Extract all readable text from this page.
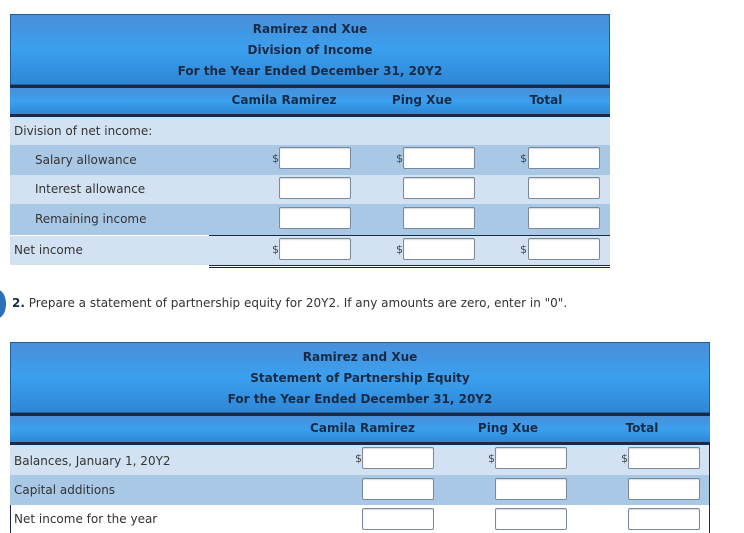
Ramirez and Xue
Division of Income
For the Year Ended December 31, 20Y2
Camila Ramirez	Ping Xue	Total
Division of net income:
Salary allowance	$	$	$
Interest allowance
Remaining income
Net income	$	$	$
2. Prepare a statement of partnership equity for 20Y2. If any amounts are zero, enter in "0".
Ramirez and Xue
Statement of Partnership Equity
For the Year Ended December 31, 20Y2
Camila Ramirez	Ping Xue	Total
Balances, January 1, 20Y2	$	$	$
Capital additions
Net income for the year
